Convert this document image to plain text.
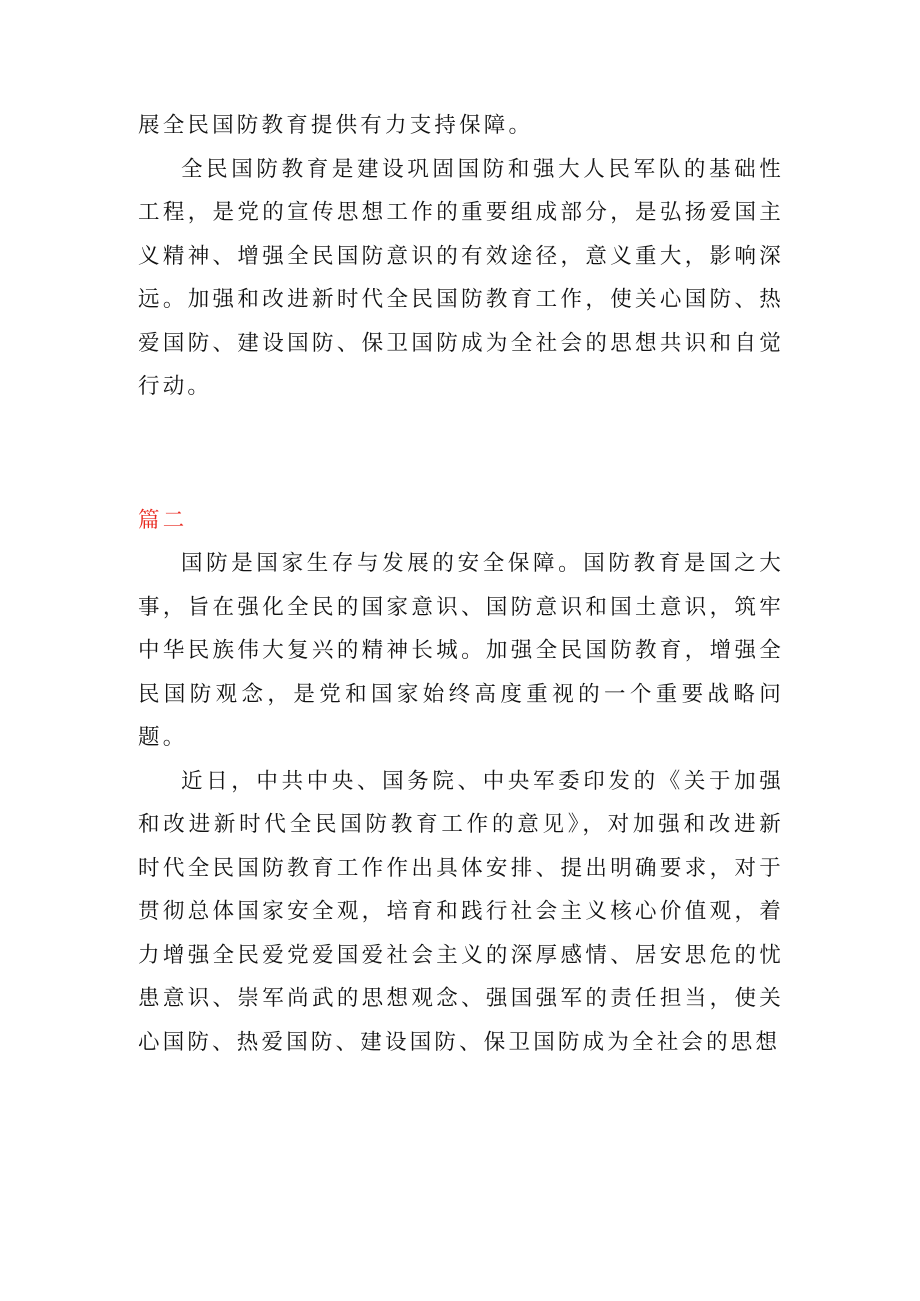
展全民国防教育提供有力支持保障。

全民国防教育是建设巩固国防和强大人民军队的基础性工程，是党的宣传思想工作的重要组成部分，是弘扬爱国主义精神、增强全民国防意识的有效途径，意义重大，影响深远。加强和改进新时代全民国防教育工作，使关心国防、热爱国防、建设国防、保卫国防成为全社会的思想共识和自觉行动。

篇二

国防是国家生存与发展的安全保障。国防教育是国之大事，旨在强化全民的国家意识、国防意识和国土意识，筑牢中华民族伟大复兴的精神长城。加强全民国防教育，增强全民国防观念，是党和国家始终高度重视的一个重要战略问题。

近日，中共中央、国务院、中央军委印发的《关于加强和改进新时代全民国防教育工作的意见》，对加强和改进新时代全民国防教育工作作出具体安排、提出明确要求，对于贯彻总体国家安全观，培育和践行社会主义核心价值观，着力增强全民爱党爱国爱社会主义的深厚感情、居安思危的忧患意识、崇军尚武的思想观念、强国强军的责任担当，使关心国防、热爱国防、建设国防、保卫国防成为全社会的思想
